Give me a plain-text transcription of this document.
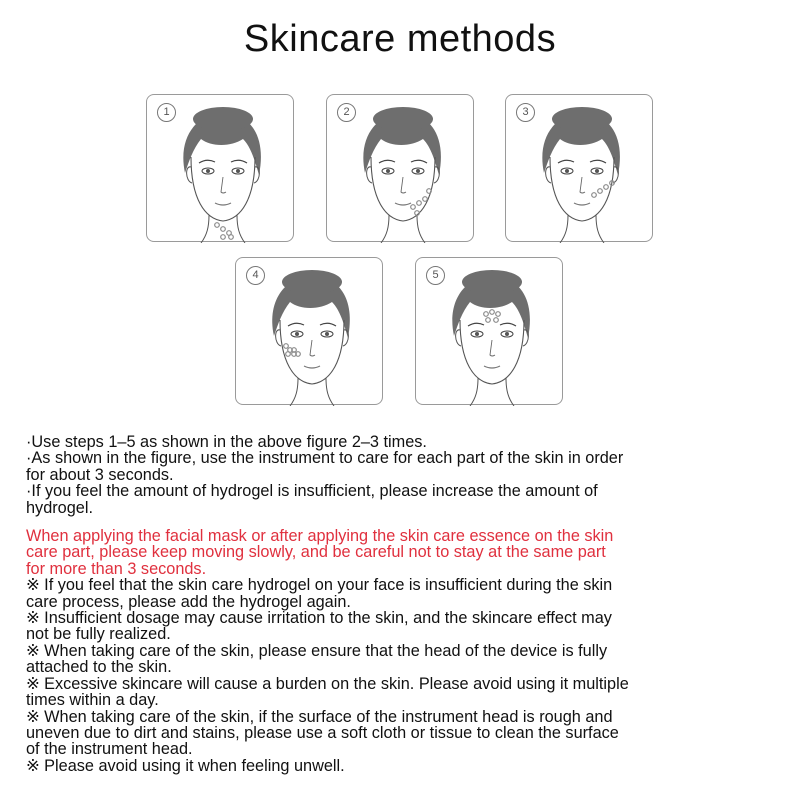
Skincare methods
1	2	3
4	5
·Use steps 1–5 as shown in the above figure 2–3 times.
·As shown in the figure, use the instrument to care for each part of the skin in order
for about 3 seconds.
·If you feel the amount of hydrogel is insufficient, please increase the amount of
hydrogel.
When applying the facial mask or after applying the skin care essence on the skin
care part, please keep moving slowly, and be careful not to stay at the same part
for more than 3 seconds.
※ If you feel that the skin care hydrogel on your face is insufficient during the skin
care process, please add the hydrogel again.
※ Insufficient dosage may cause irritation to the skin, and the skincare effect may
not be fully realized.
※ When taking care of the skin, please ensure that the head of the device is fully
attached to the skin.
※ Excessive skincare will cause a burden on the skin. Please avoid using it multiple
times within a day.
※ When taking care of the skin, if the surface of the instrument head is rough and
uneven due to dirt and stains, please use a soft cloth or tissue to clean the surface
of the instrument head.
※ Please avoid using it when feeling unwell.
